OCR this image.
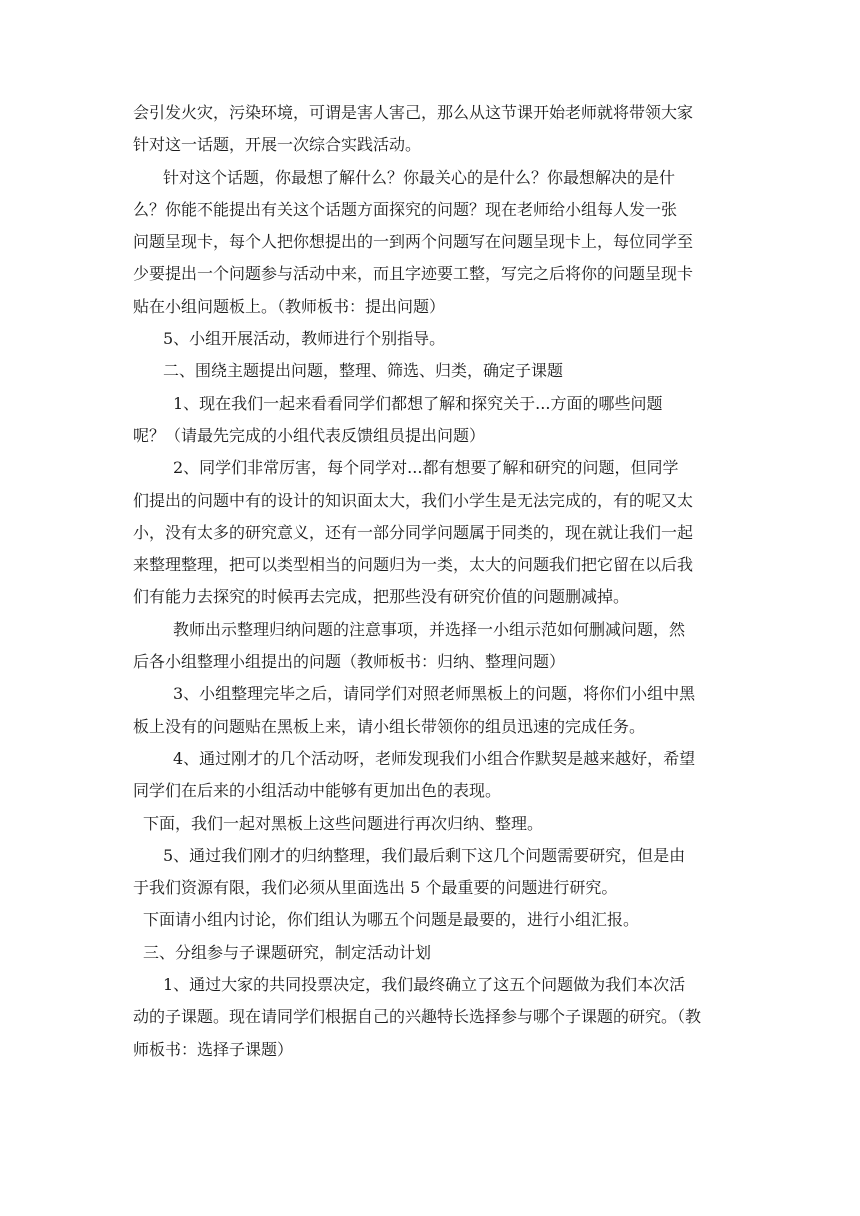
会引发火灾，污染环境，可谓是害人害己，那么从这节课开始老师就将带领大家
针对这一话题，开展一次综合实践活动。
针对这个话题，你最想了解什么？你最关心的是什么？你最想解决的是什
么？你能不能提出有关这个话题方面探究的问题？现在老师给小组每人发一张
问题呈现卡，每个人把你想提出的一到两个问题写在问题呈现卡上，每位同学至
少要提出一个问题参与活动中来，而且字迹要工整，写完之后将你的问题呈现卡
贴在小组问题板上。（教师板书：提出问题）
5、小组开展活动，教师进行个别指导。
二、围绕主题提出问题，整理、筛选、归类，确定子课题
1、现在我们一起来看看同学们都想了解和探究关于...方面的哪些问题
呢？（请最先完成的小组代表反馈组员提出问题）
2、同学们非常厉害，每个同学对...都有想要了解和研究的问题，但同学
们提出的问题中有的设计的知识面太大，我们小学生是无法完成的，有的呢又太
小，没有太多的研究意义，还有一部分同学问题属于同类的，现在就让我们一起
来整理整理，把可以类型相当的问题归为一类，太大的问题我们把它留在以后我
们有能力去探究的时候再去完成，把那些没有研究价值的问题删减掉。
教师出示整理归纳问题的注意事项，并选择一小组示范如何删减问题，然
后各小组整理小组提出的问题（教师板书：归纳、整理问题）
3、小组整理完毕之后，请同学们对照老师黑板上的问题，将你们小组中黑
板上没有的问题贴在黑板上来，请小组长带领你的组员迅速的完成任务。
4、通过刚才的几个活动呀，老师发现我们小组合作默契是越来越好，希望
同学们在后来的小组活动中能够有更加出色的表现。
下面，我们一起对黑板上这些问题进行再次归纳、整理。
5、通过我们刚才的归纳整理，我们最后剩下这几个问题需要研究，但是由
于我们资源有限，我们必须从里面选出 5 个最重要的问题进行研究。
下面请小组内讨论，你们组认为哪五个问题是最要的，进行小组汇报。
三、分组参与子课题研究，制定活动计划
1、通过大家的共同投票决定，我们最终确立了这五个问题做为我们本次活
动的子课题。现在请同学们根据自己的兴趣特长选择参与哪个子课题的研究。（教
师板书：选择子课题）
